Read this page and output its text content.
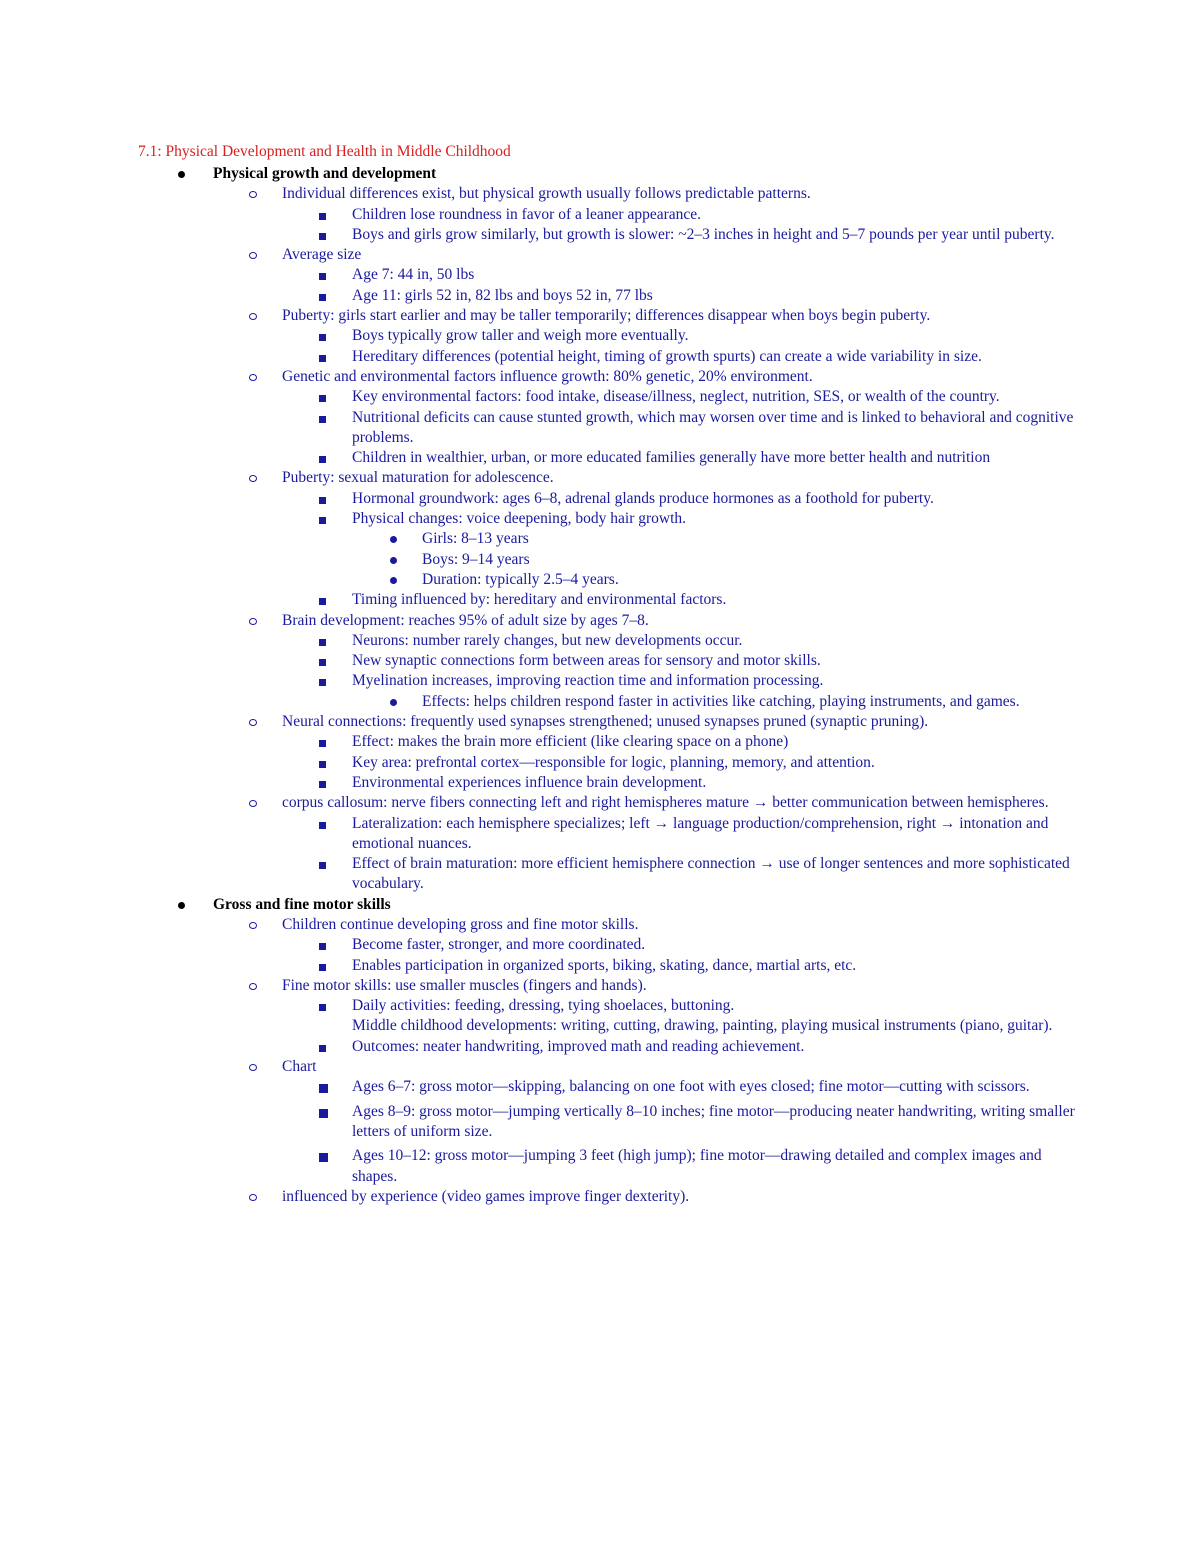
7.1: Physical Development and Health in Middle Childhood
Physical growth and development
Individual differences exist, but physical growth usually follows predictable patterns.
Children lose roundness in favor of a leaner appearance.
Boys and girls grow similarly, but growth is slower: ~2–3 inches in height and 5–7 pounds per year until puberty.
Average size
Age 7: 44 in, 50 lbs
Age 11: girls 52 in, 82 lbs and boys 52 in, 77 lbs
Puberty: girls start earlier and may be taller temporarily; differences disappear when boys begin puberty.
Boys typically grow taller and weigh more eventually.
Hereditary differences (potential height, timing of growth spurts) can create a wide variability in size.
Genetic and environmental factors influence growth: 80% genetic, 20% environment.
Key environmental factors: food intake, disease/illness, neglect, nutrition, SES, or wealth of the country.
Nutritional deficits can cause stunted growth, which may worsen over time and is linked to behavioral and cognitive problems.
Children in wealthier, urban, or more educated families generally have more better health and nutrition
Puberty: sexual maturation for adolescence.
Hormonal groundwork: ages 6–8, adrenal glands produce hormones as a foothold for puberty.
Physical changes: voice deepening, body hair growth.
Girls: 8–13 years
Boys: 9–14 years
Duration: typically 2.5–4 years.
Timing influenced by: hereditary and environmental factors.
Brain development: reaches 95% of adult size by ages 7–8.
Neurons: number rarely changes, but new developments occur.
New synaptic connections form between areas for sensory and motor skills.
Myelination increases, improving reaction time and information processing.
Effects: helps children respond faster in activities like catching, playing instruments, and games.
Neural connections: frequently used synapses strengthened; unused synapses pruned (synaptic pruning).
Effect: makes the brain more efficient (like clearing space on a phone)
Key area: prefrontal cortex—responsible for logic, planning, memory, and attention.
Environmental experiences influence brain development.
corpus callosum: nerve fibers connecting left and right hemispheres mature → better communication between hemispheres.
Lateralization: each hemisphere specializes; left → language production/comprehension, right → intonation and emotional nuances.
Effect of brain maturation: more efficient hemisphere connection → use of longer sentences and more sophisticated vocabulary.
Gross and fine motor skills
Children continue developing gross and fine motor skills.
Become faster, stronger, and more coordinated.
Enables participation in organized sports, biking, skating, dance, martial arts, etc.
Fine motor skills: use smaller muscles (fingers and hands).
Daily activities: feeding, dressing, tying shoelaces, buttoning.
Middle childhood developments: writing, cutting, drawing, painting, playing musical instruments (piano, guitar).
Outcomes: neater handwriting, improved math and reading achievement.
Chart
Ages 6–7: gross motor—skipping, balancing on one foot with eyes closed; fine motor—cutting with scissors.
Ages 8–9: gross motor—jumping vertically 8–10 inches; fine motor—producing neater handwriting, writing smaller letters of uniform size.
Ages 10–12: gross motor—jumping 3 feet (high jump); fine motor—drawing detailed and complex images and shapes.
influenced by experience (video games improve finger dexterity).
